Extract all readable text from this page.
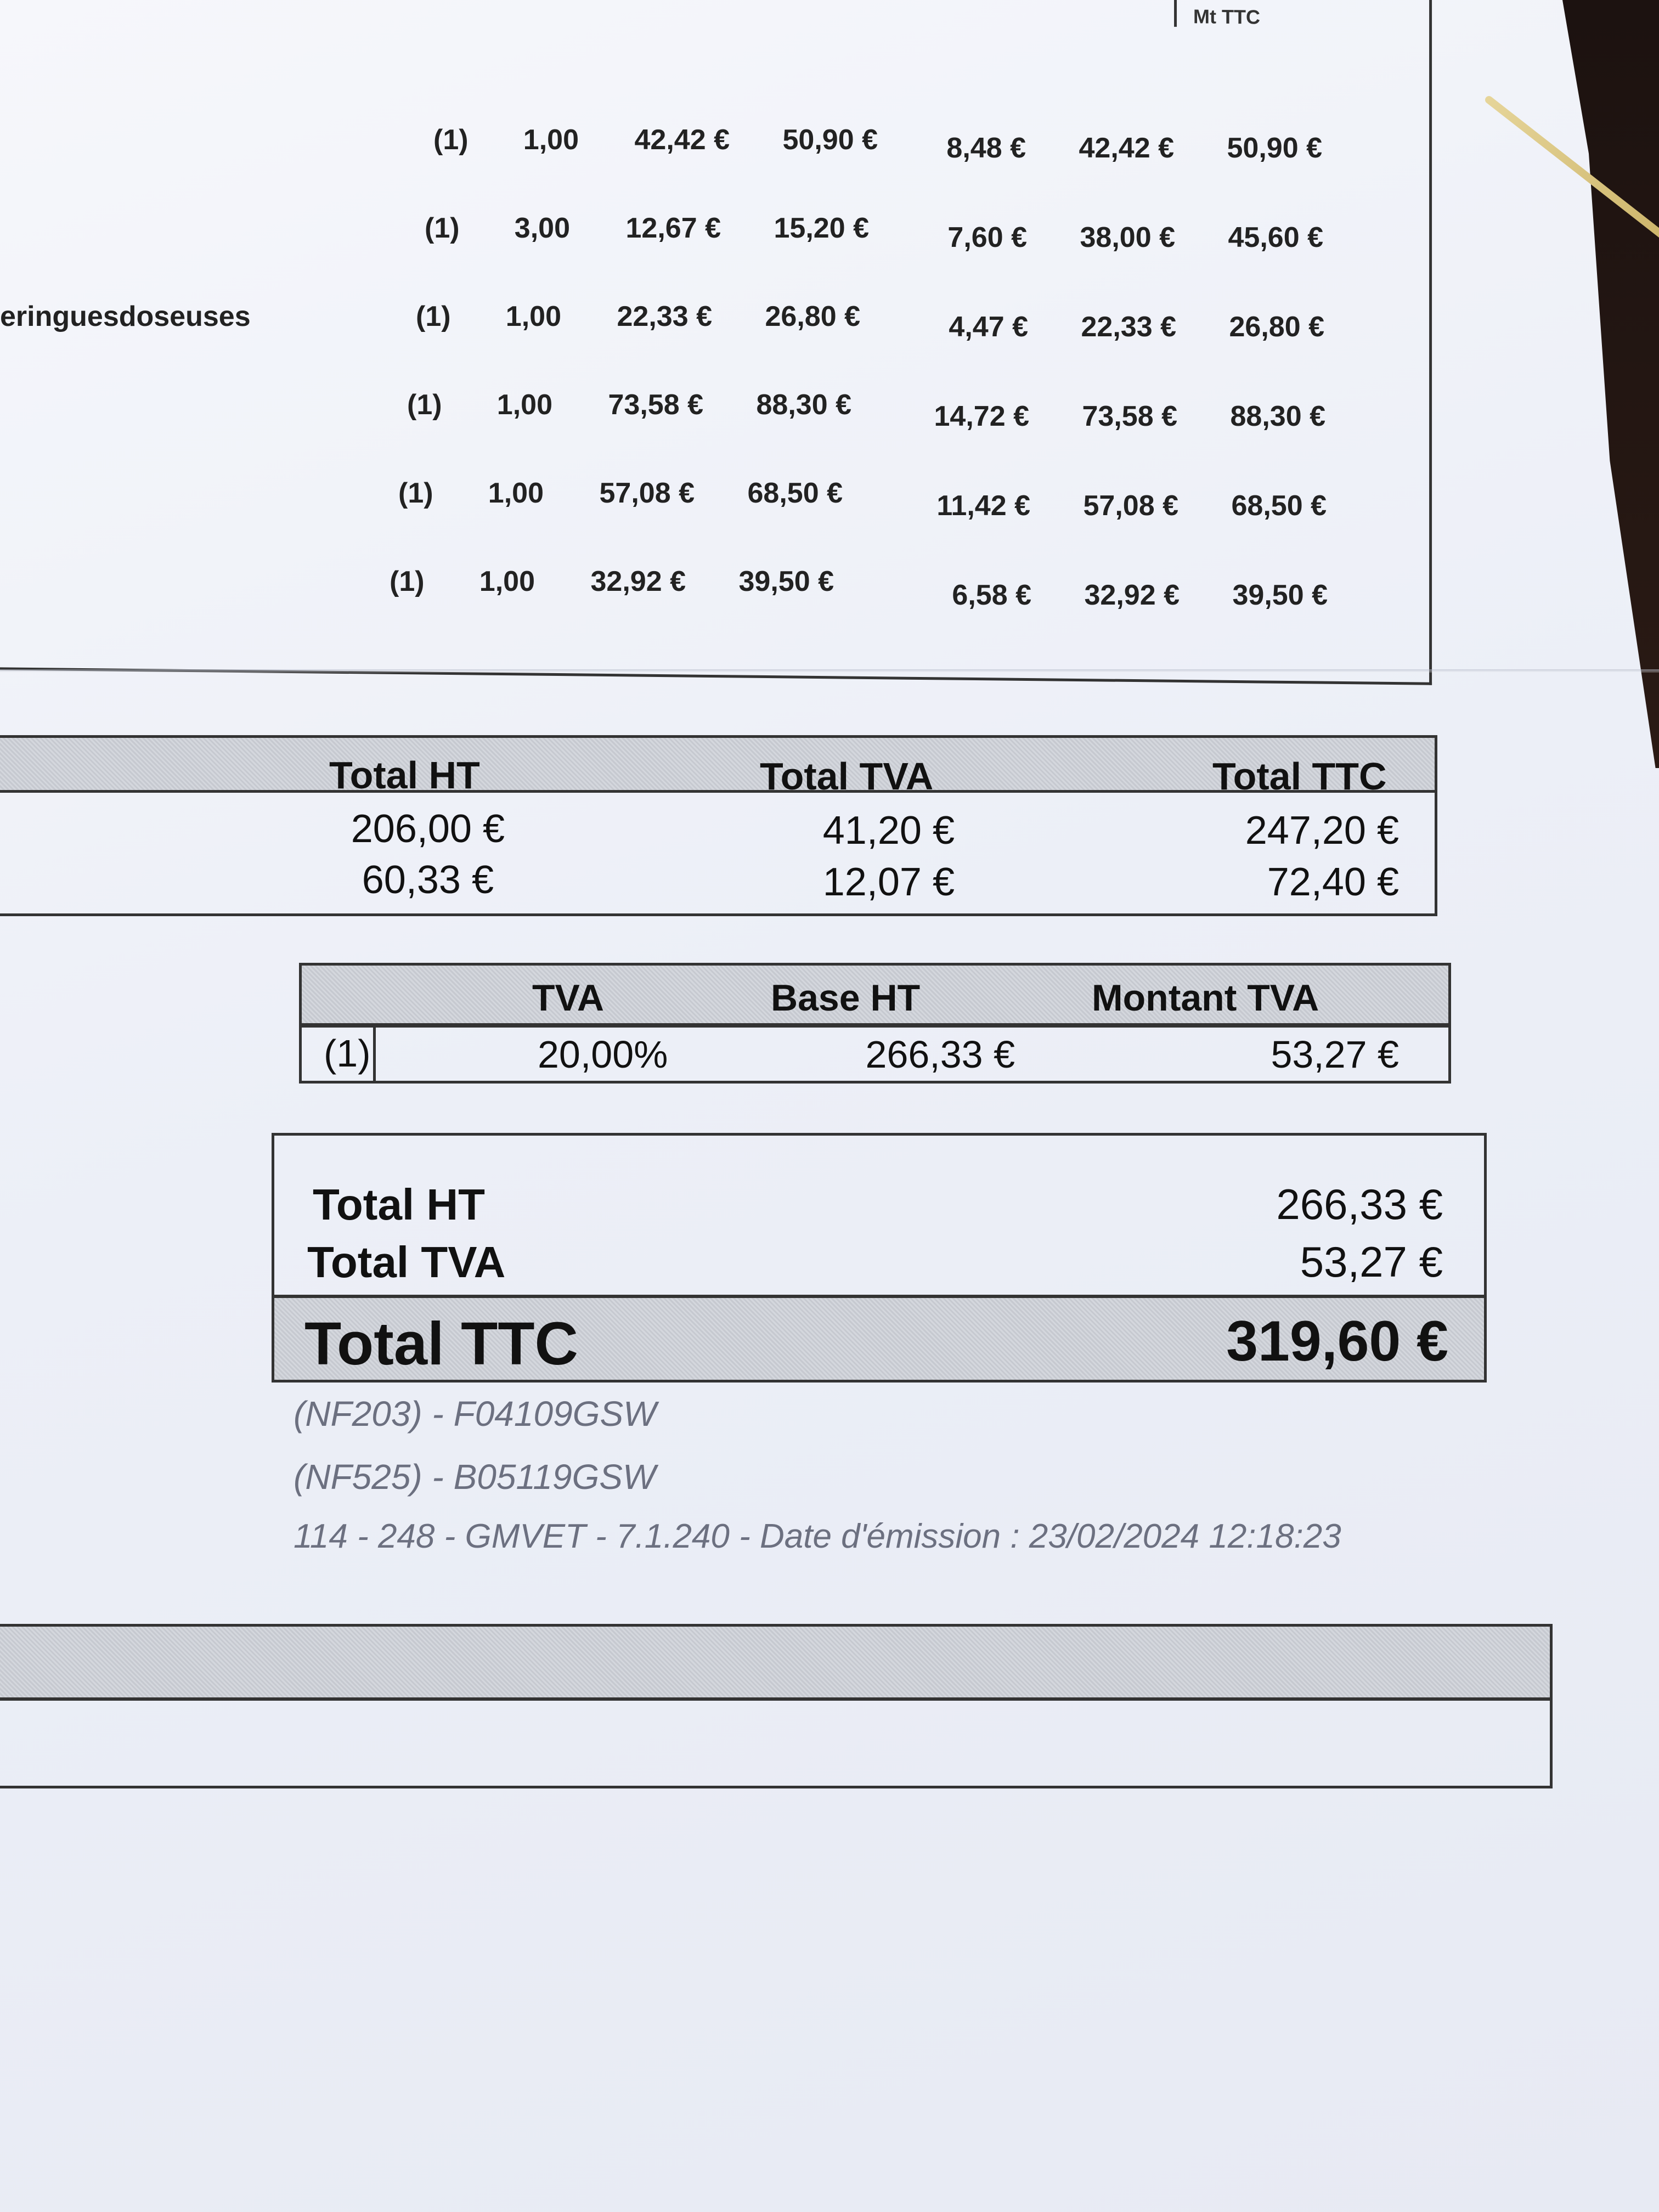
Mt TTC
(1)	1,00	42,42 €	50,90 €	8,48 €	42,42 €	50,90 €
(1)	3,00	12,67 €	15,20 €	7,60 €	38,00 €	45,60 €
eringuesdoseuses	(1)	1,00	22,33 €	26,80 €	4,47 €	22,33 €	26,80 €
(1)	1,00	73,58 €	88,30 €	14,72 €	73,58 €	88,30 €
(1)	1,00	57,08 €	68,50 €	11,42 €	57,08 €	68,50 €
(1)	1,00	32,92 €	39,50 €	6,58 €	32,92 €	39,50 €
Total HT	Total TVA	Total TTC
206,00 €	41,20 €	247,20 €
60,33 €	12,07 €	72,40 €
TVA	Base HT	Montant TVA
(1)	20,00%	266,33 €	53,27 €
Total HT	266,33 €
Total TVA	53,27 €
Total TTC	319,60 €
(NF203) - F04109GSW
(NF525) - B05119GSW
114 - 248 - GMVET - 7.1.240 - Date d'émission : 23/02/2024 12:18:23
